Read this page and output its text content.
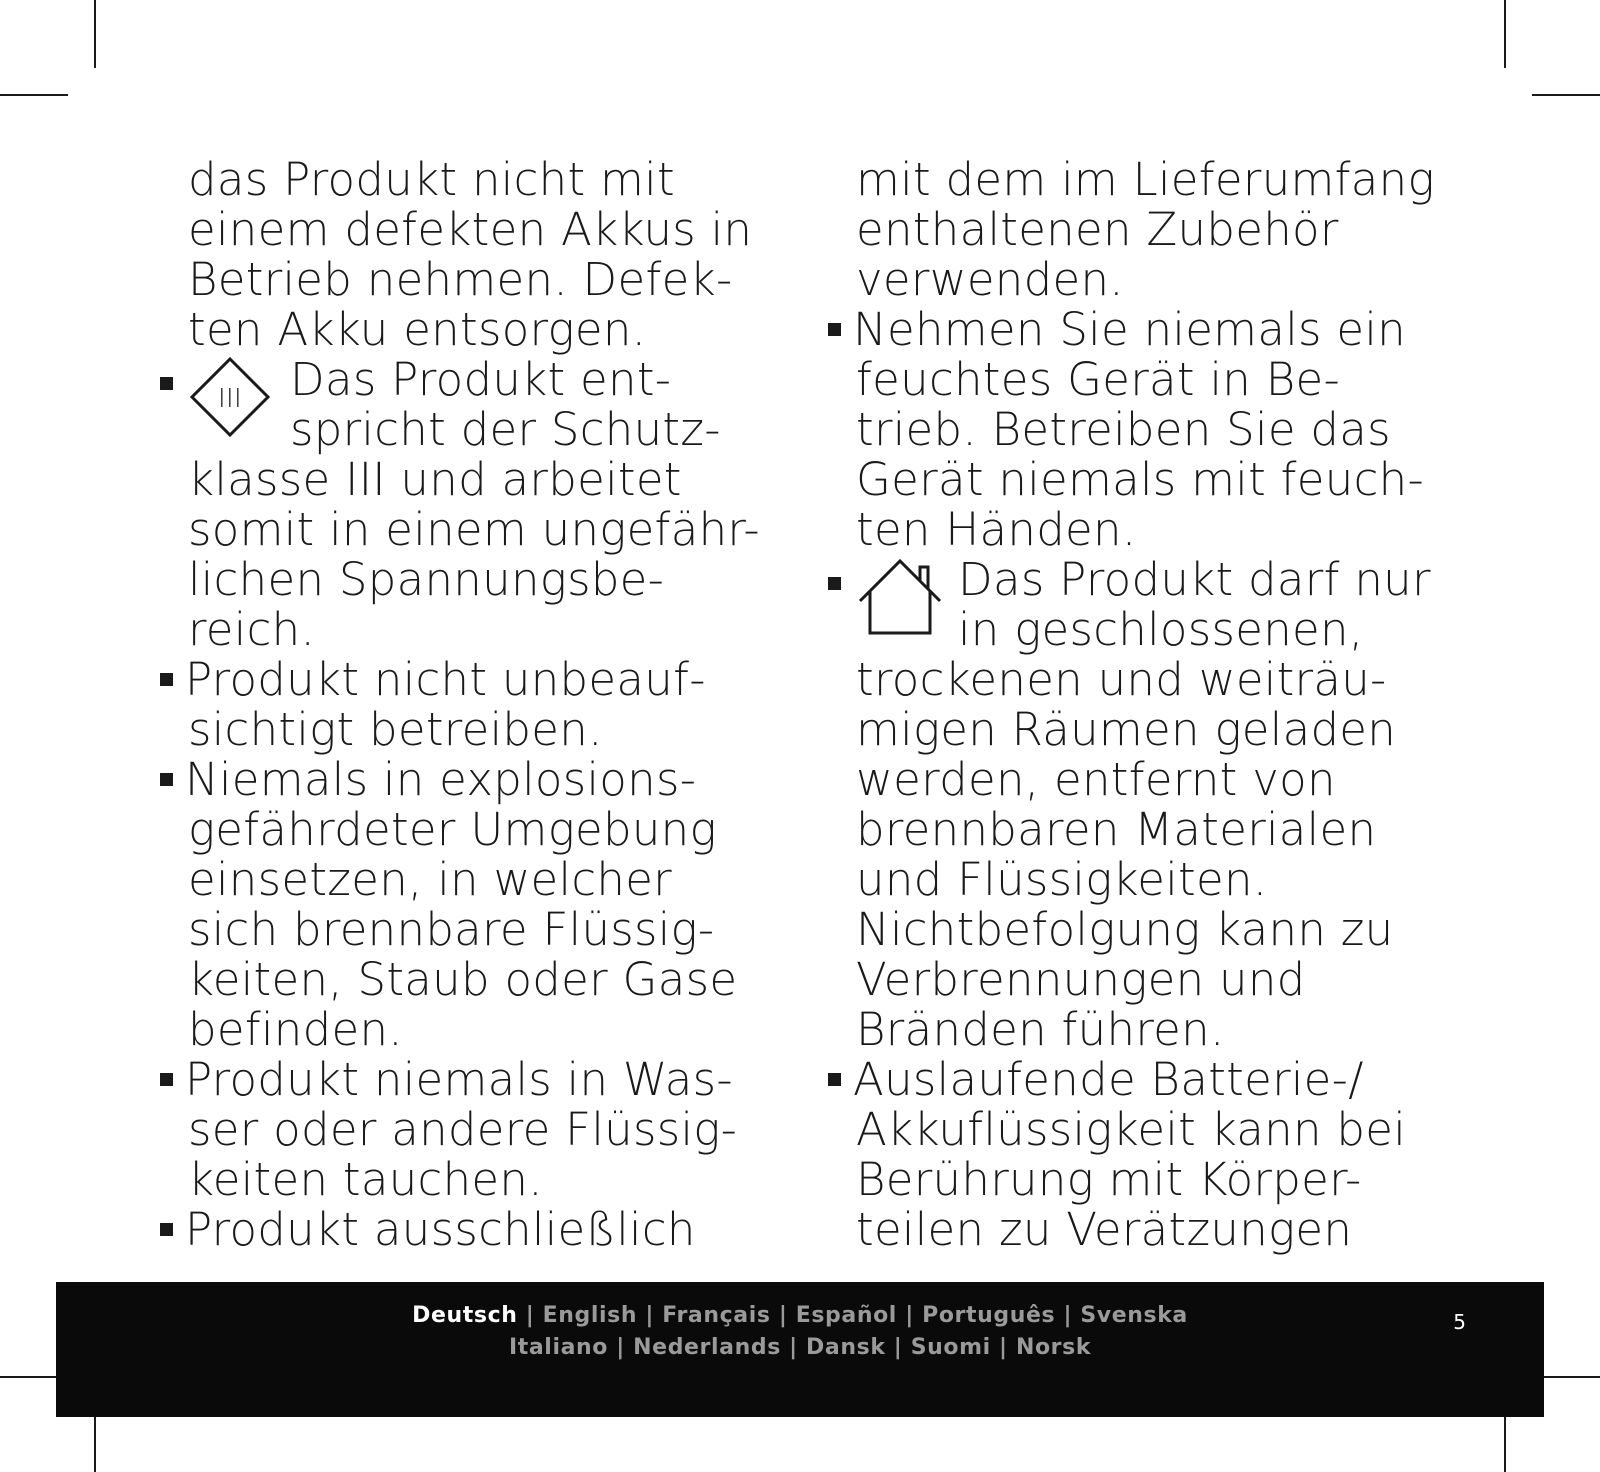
das Produkt nicht mit
einem defekten Akkus in
Betrieb nehmen. Defek-
ten Akku entsorgen.
III Das Produkt ent-
spricht der Schutz-
klasse III und arbeitet
somit in einem ungefähr-
lichen Spannungsbe-
reich.
Produkt nicht unbeauf-
sichtigt betreiben.
Niemals in explosions-
gefährdeter Umgebung
einsetzen, in welcher
sich brennbare Flüssig-
keiten, Staub oder Gase
befinden.
Produkt niemals in Was-
ser oder andere Flüssig-
keiten tauchen.
Produkt ausschließlich
mit dem im Lieferumfang
enthaltenen Zubehör
verwenden.
Nehmen Sie niemals ein
feuchtes Gerät in Be-
trieb. Betreiben Sie das
Gerät niemals mit feuch-
ten Händen.
Das Produkt darf nur
in geschlossenen,
trockenen und weiträu-
migen Räumen geladen
werden, entfernt von
brennbaren Materialen
und Flüssigkeiten.
Nichtbefolgung kann zu
Verbrennungen und
Bränden führen.
Auslaufende Batterie-/
Akkuflüssigkeit kann bei
Berührung mit Körper-
teilen zu Verätzungen
Deutsch | English | Français | Español | Português | Svenska
Italiano | Nederlands | Dansk | Suomi | Norsk
5
